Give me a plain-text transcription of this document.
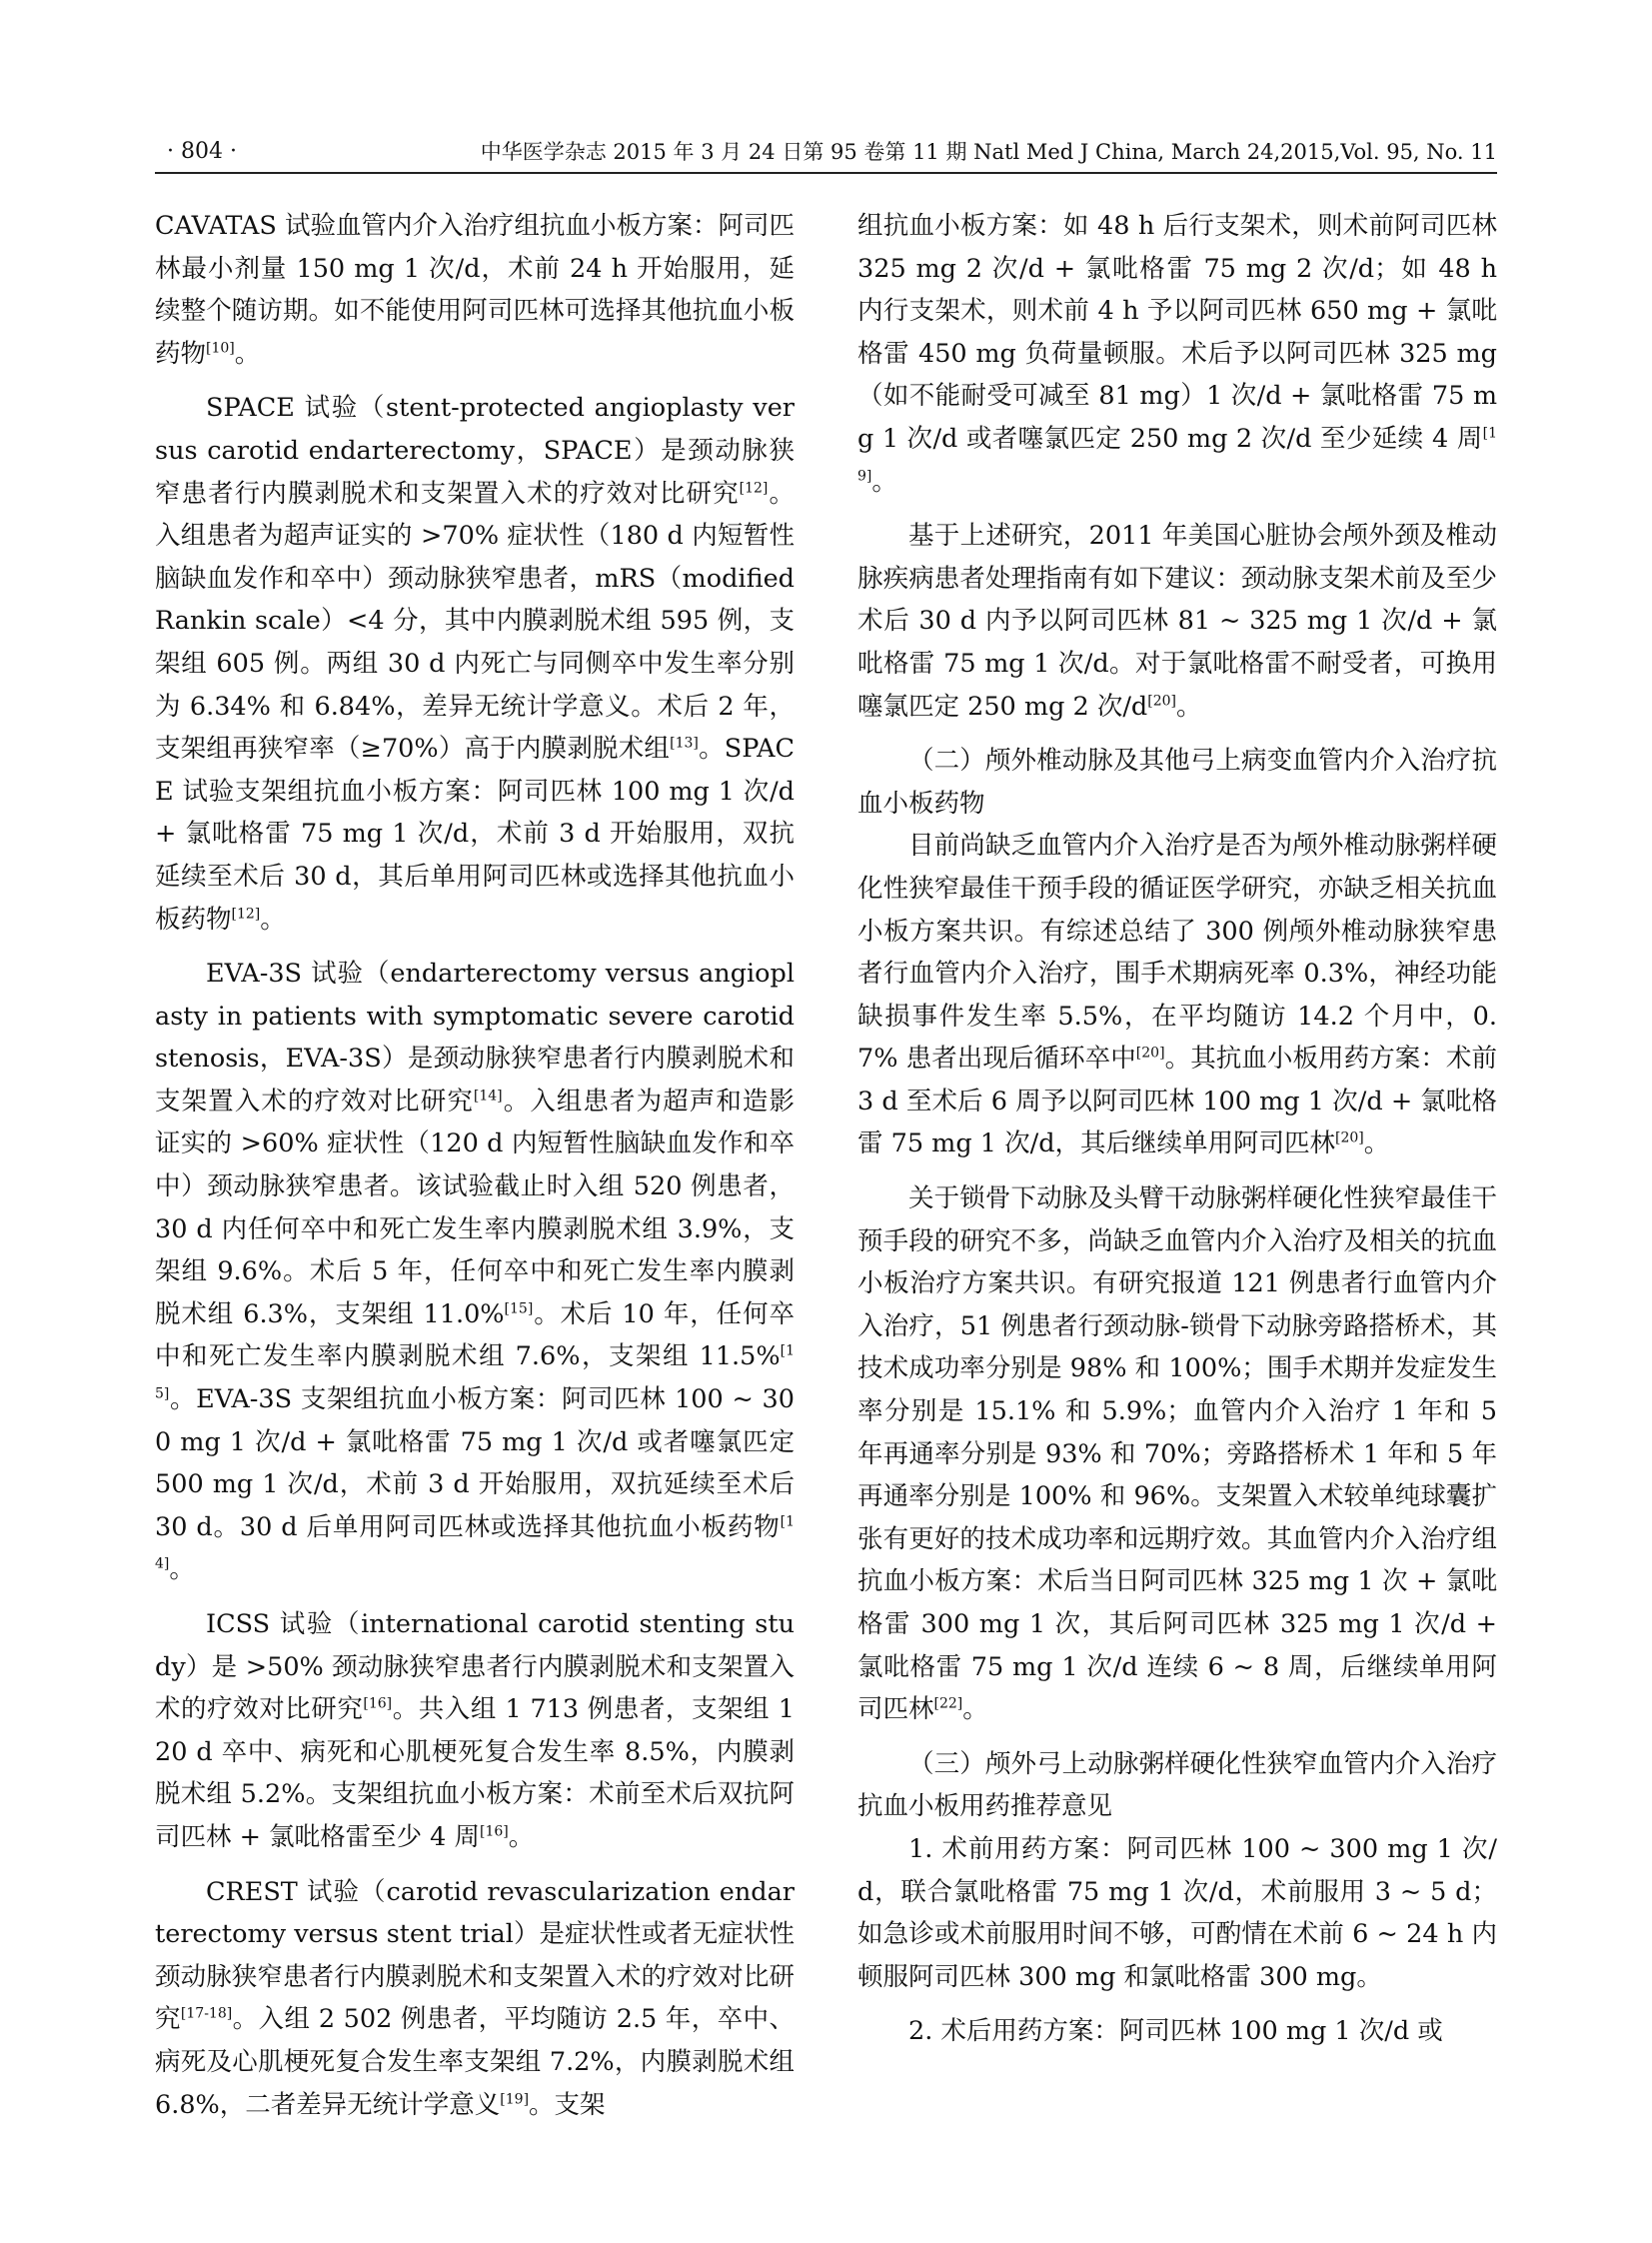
· 804 ·	中华医学杂志 2015 年 3 月 24 日第 95 卷第 11 期 Natl Med J China, March 24,2015,Vol. 95, No. 11

CAVATAS 试验血管内介入治疗组抗血小板方案：阿司匹林最小剂量 150 mg 1 次/d，术前 24 h 开始服用，延续整个随访期。如不能使用阿司匹林可选择其他抗血小板药物[10]。

SPACE 试验（stent-protected angioplasty versus carotid endarterectomy，SPACE）是颈动脉狭窄患者行内膜剥脱术和支架置入术的疗效对比研究[12]。入组患者为超声证实的 >70% 症状性（180 d 内短暂性脑缺血发作和卒中）颈动脉狭窄患者，mRS（modified Rankin scale）<4 分，其中内膜剥脱术组 595 例，支架组 605 例。两组 30 d 内死亡与同侧卒中发生率分别为 6.34% 和 6.84%，差异无统计学意义。术后 2 年，支架组再狭窄率（≥70%）高于内膜剥脱术组[13]。SPACE 试验支架组抗血小板方案：阿司匹林 100 mg 1 次/d + 氯吡格雷 75 mg 1 次/d，术前 3 d 开始服用，双抗延续至术后 30 d，其后单用阿司匹林或选择其他抗血小板药物[12]。

EVA-3S 试验（endarterectomy versus angioplasty in patients with symptomatic severe carotid stenosis，EVA-3S）是颈动脉狭窄患者行内膜剥脱术和支架置入术的疗效对比研究[14]。入组患者为超声和造影证实的 >60% 症状性（120 d 内短暂性脑缺血发作和卒中）颈动脉狭窄患者。该试验截止时入组 520 例患者，30 d 内任何卒中和死亡发生率内膜剥脱术组 3.9%，支架组 9.6%。术后 5 年，任何卒中和死亡发生率内膜剥脱术组 6.3%，支架组 11.0%[15]。术后 10 年，任何卒中和死亡发生率内膜剥脱术组 7.6%，支架组 11.5%[15]。EVA-3S 支架组抗血小板方案：阿司匹林 100 ~ 300 mg 1 次/d + 氯吡格雷 75 mg 1 次/d 或者噻氯匹定 500 mg 1 次/d，术前 3 d 开始服用，双抗延续至术后 30 d。30 d 后单用阿司匹林或选择其他抗血小板药物[14]。

ICSS 试验（international carotid stenting study）是 >50% 颈动脉狭窄患者行内膜剥脱术和支架置入术的疗效对比研究[16]。共入组 1 713 例患者，支架组 120 d 卒中、病死和心肌梗死复合发生率 8.5%，内膜剥脱术组 5.2%。支架组抗血小板方案：术前至术后双抗阿司匹林 + 氯吡格雷至少 4 周[16]。

CREST 试验（carotid revascularization endarterectomy versus stent trial）是症状性或者无症状性颈动脉狭窄患者行内膜剥脱术和支架置入术的疗效对比研究[17-18]。入组 2 502 例患者，平均随访 2.5 年，卒中、病死及心肌梗死复合发生率支架组 7.2%，内膜剥脱术组 6.8%，二者差异无统计学意义[19]。支架

组抗血小板方案：如 48 h 后行支架术，则术前阿司匹林 325 mg 2 次/d + 氯吡格雷 75 mg 2 次/d；如 48 h 内行支架术，则术前 4 h 予以阿司匹林 650 mg + 氯吡格雷 450 mg 负荷量顿服。术后予以阿司匹林 325 mg（如不能耐受可减至 81 mg）1 次/d + 氯吡格雷 75 mg 1 次/d 或者噻氯匹定 250 mg 2 次/d 至少延续 4 周[19]。

基于上述研究，2011 年美国心脏协会颅外颈及椎动脉疾病患者处理指南有如下建议：颈动脉支架术前及至少术后 30 d 内予以阿司匹林 81 ~ 325 mg 1 次/d + 氯吡格雷 75 mg 1 次/d。对于氯吡格雷不耐受者，可换用噻氯匹定 250 mg 2 次/d[20]。

（二）颅外椎动脉及其他弓上病变血管内介入治疗抗血小板药物

目前尚缺乏血管内介入治疗是否为颅外椎动脉粥样硬化性狭窄最佳干预手段的循证医学研究，亦缺乏相关抗血小板方案共识。有综述总结了 300 例颅外椎动脉狭窄患者行血管内介入治疗，围手术期病死率 0.3%，神经功能缺损事件发生率 5.5%，在平均随访 14.2 个月中，0.7% 患者出现后循环卒中[20]。其抗血小板用药方案：术前 3 d 至术后 6 周予以阿司匹林 100 mg 1 次/d + 氯吡格雷 75 mg 1 次/d，其后继续单用阿司匹林[20]。

关于锁骨下动脉及头臂干动脉粥样硬化性狭窄最佳干预手段的研究不多，尚缺乏血管内介入治疗及相关的抗血小板治疗方案共识。有研究报道 121 例患者行血管内介入治疗，51 例患者行颈动脉-锁骨下动脉旁路搭桥术，其技术成功率分别是 98% 和 100%；围手术期并发症发生率分别是 15.1% 和 5.9%；血管内介入治疗 1 年和 5 年再通率分别是 93% 和 70%；旁路搭桥术 1 年和 5 年再通率分别是 100% 和 96%。支架置入术较单纯球囊扩张有更好的技术成功率和远期疗效。其血管内介入治疗组抗血小板方案：术后当日阿司匹林 325 mg 1 次 + 氯吡格雷 300 mg 1 次，其后阿司匹林 325 mg 1 次/d + 氯吡格雷 75 mg 1 次/d 连续 6 ~ 8 周，后继续单用阿司匹林[22]。

（三）颅外弓上动脉粥样硬化性狭窄血管内介入治疗抗血小板用药推荐意见

1. 术前用药方案：阿司匹林 100 ~ 300 mg 1 次/d，联合氯吡格雷 75 mg 1 次/d，术前服用 3 ~ 5 d；如急诊或术前服用时间不够，可酌情在术前 6 ~ 24 h 内顿服阿司匹林 300 mg 和氯吡格雷 300 mg。

2. 术后用药方案：阿司匹林 100 mg 1 次/d 或
